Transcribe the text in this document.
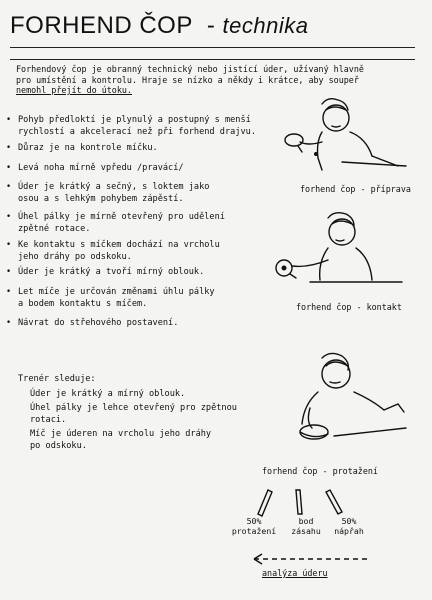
FORHEND ČOP - technika
Forhendový čop je obranný technický nebo jistící úder, užívaný hlavně
pro umístění a kontrolu. Hraje se nízko a někdy i krátce, aby soupeř
nemohl přejít do útoku.
• Pohyb předloktí je plynulý a postupný s menší
rychlostí a akcelerací než při forhend drajvu.
• Důraz je na kontrole míčku.
• Levá noha mírně vpředu /pravácí/
• Úder je krátký a sečný, s loktem jako
osou a s lehkým pohybem zápěstí.
• Úhel pálky je mírně otevřený pro udělení
zpětné rotace.
• Ke kontaktu s míčkem dochází na vrcholu
jeho dráhy po odskoku.
• Úder je krátký a tvoří mírný oblouk.
• Let míče je určován změnami úhlu pálky
a bodem kontaktu s míčem.
• Návrat do střehového postavení.
forhend čop - příprava
forhend čop - kontakt
Trenér sleduje:
Úder je krátký a mírný oblouk.
Úhel pálky je lehce otevřený pro zpětnou
rotaci.
Míč je úderen na vrcholu jeho dráhy
po odskoku.
forhend čop - protažení
50%
protažení
bod
zásahu
50%
nápřah
analýza úderu
